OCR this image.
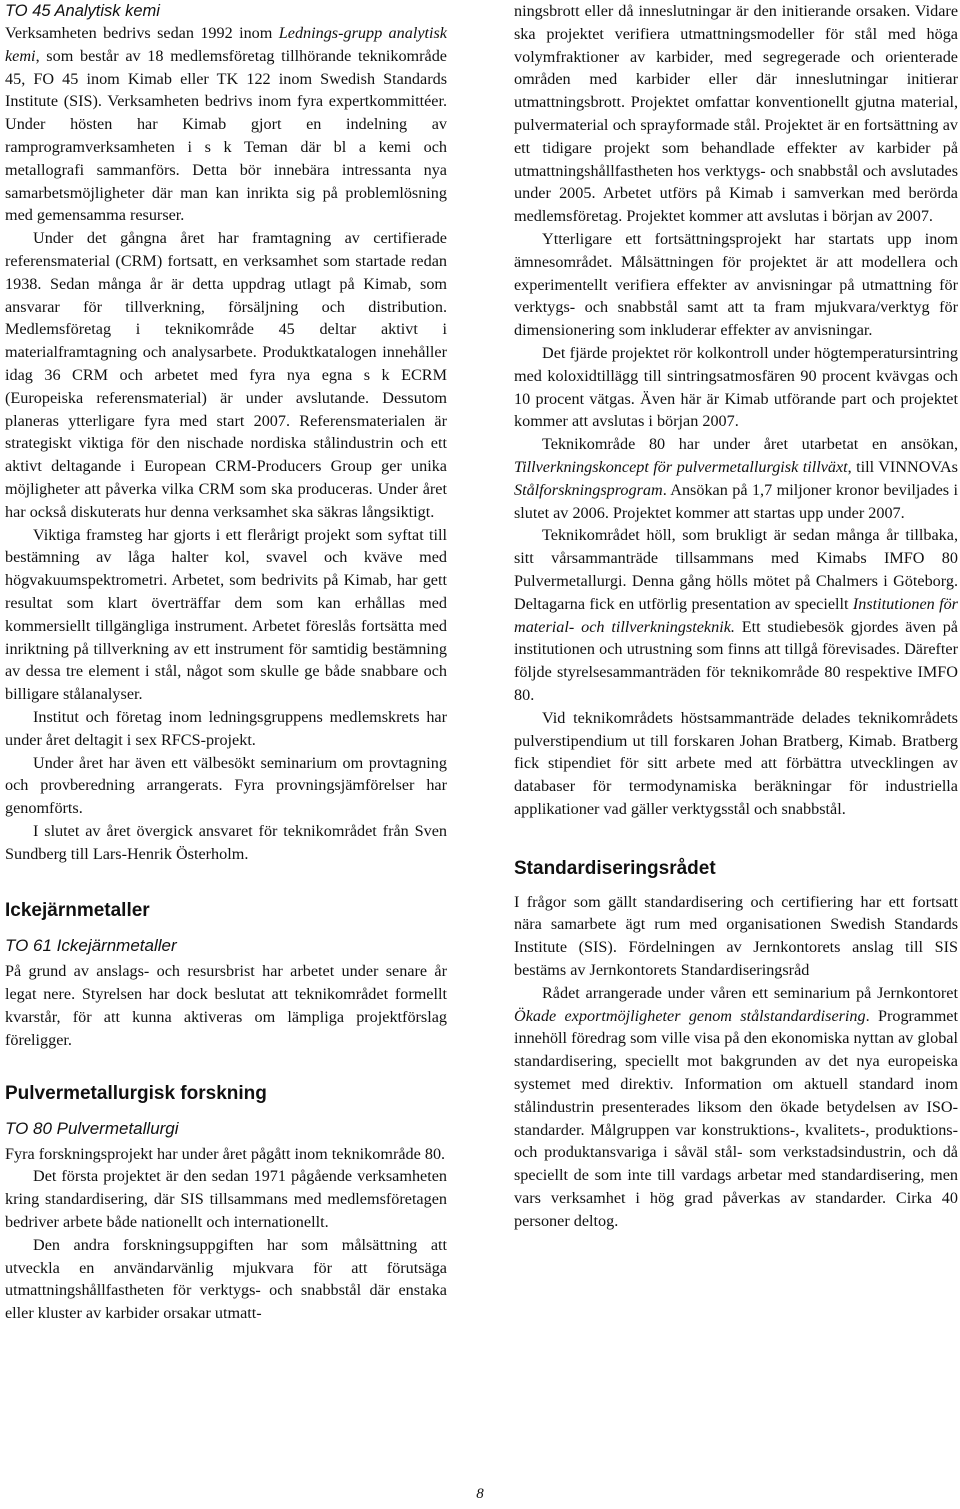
TO 45 Analytisk kemi

Verksamheten bedrivs sedan 1992 inom Lednings-grupp analytisk kemi, som består av 18 medlemsföretag tillhörande teknikområde 45, FO 45 inom Kimab eller TK 122 inom Swedish Standards Institute (SIS). Verksamheten bedrivs inom fyra expertkommittéer. Under hösten har Kimab gjort en indelning av ramprogramverksamheten i s k Teman där bl a kemi och metallografi sammanförs. Detta bör innebära intressanta nya samarbetsmöjligheter där man kan inrikta sig på problemlösning med gemensamma resurser.

Under det gångna året har framtagning av certifierade referensmaterial (CRM) fortsatt, en verksamhet som startade redan 1938. Sedan många år är detta uppdrag utlagt på Kimab, som ansvarar för tillverkning, försäljning och distribution. Medlemsföretag i teknikområde 45 deltar aktivt i materialframtagning och analysarbete. Produktkatalogen innehåller idag 36 CRM och arbetet med fyra nya egna s k ECRM (Europeiska referensmaterial) är under avslutande. Dessutom planeras ytterligare fyra med start 2007. Referensmaterialen är strategiskt viktiga för den nischade nordiska stålindustrin och ett aktivt deltagande i European CRM-Producers Group ger unika möjligheter att påverka vilka CRM som ska produceras. Under året har också diskuterats hur denna verksamhet ska säkras långsiktigt.

Viktiga framsteg har gjorts i ett flerårigt projekt som syftat till bestämning av låga halter kol, svavel och kväve med högvakuumspektrometri. Arbetet, som bedrivits på Kimab, har gett resultat som klart överträffar dem som kan erhållas med kommersiellt tillgängliga instrument. Arbetet föreslås fortsätta med inriktning på tillverkning av ett instrument för samtidig bestämning av dessa tre element i stål, något som skulle ge både snabbare och billigare stålanalyser.

Institut och företag inom ledningsgruppens medlemskrets har under året deltagit i sex RFCS-projekt.

Under året har även ett välbesökt seminarium om provtagning och provberedning arrangerats. Fyra provningsjämförelser har genomförts.

I slutet av året övergick ansvaret för teknikområdet från Sven Sundberg till Lars-Henrik Österholm.

Ickejärnmetaller
TO 61 Ickejärnmetaller

På grund av anslags- och resursbrist har arbetet under senare år legat nere. Styrelsen har dock beslutat att teknikområdet formellt kvarstår, för att kunna aktiveras om lämpliga projektförslag föreligger.

Pulvermetallurgisk forskning
TO 80 Pulvermetallurgi

Fyra forskningsprojekt har under året pågått inom teknikområde 80.

Det första projektet är den sedan 1971 pågående verksamheten kring standardisering, där SIS tillsammans med medlemsföretagen bedriver arbete både nationellt och internationellt.

Den andra forskningsuppgiften har som målsättning att utveckla en användarvänlig mjukvara för att förutsäga utmattningshållfastheten för verktygs- och snabbstål där enstaka eller kluster av karbider orsakar utmatt-

ningsbrott eller då inneslutningar är den initierande orsaken. Vidare ska projektet verifiera utmattningsmodeller för stål med höga volymfraktioner av karbider, med segregerade och orienterade områden med karbider eller där inneslutningar initierar utmattningsbrott. Projektet omfattar konventionellt gjutna material, pulvermaterial och sprayformade stål. Projektet är en fortsättning av ett tidigare projekt som behandlade effekter av karbider på utmattningshållfastheten hos verktygs- och snabbstål och avslutades under 2005. Arbetet utförs på Kimab i samverkan med berörda medlemsföretag. Projektet kommer att avslutas i början av 2007.

Ytterligare ett fortsättningsprojekt har startats upp inom ämnesområdet. Målsättningen för projektet är att modellera och experimentellt verifiera effekter av anvisningar på utmattning för verktygs- och snabbstål samt att ta fram mjukvara/verktyg för dimensionering som inkluderar effekter av anvisningar.

Det fjärde projektet rör kolkontroll under högtemperatursintring med koloxidtillägg till sintringsatmosfären 90 procent kvävgas och 10 procent vätgas. Även här är Kimab utförande part och projektet kommer att avslutas i början 2007.

Teknikområde 80 har under året utarbetat en ansökan, Tillverkningskoncept för pulvermetallurgisk tillväxt, till VINNOVAs Stålforskningsprogram. Ansökan på 1,7 miljoner kronor beviljades i slutet av 2006. Projektet kommer att startas upp under 2007.

Teknikområdet höll, som brukligt är sedan många år tillbaka, sitt vårsammanträde tillsammans med Kimabs IMFO 80 Pulvermetallurgi. Denna gång hölls mötet på Chalmers i Göteborg. Deltagarna fick en utförlig presentation av speciellt Institutionen för material- och tillverkningsteknik. Ett studiebesök gjordes även på institutionen och utrustning som finns att tillgå förevisades. Därefter följde styrelsesammanträden för teknikområde 80 respektive IMFO 80.

Vid teknikområdets höstsammanträde delades teknikområdets pulverstipendium ut till forskaren Johan Bratberg, Kimab. Bratberg fick stipendiet för sitt arbete med att förbättra utvecklingen av databaser för termodynamiska beräkningar för industriella applikationer vad gäller verktygsstål och snabbstål.

Standardiseringsrådet

I frågor som gällt standardisering och certifiering har ett fortsatt nära samarbete ägt rum med organisationen Swedish Standards Institute (SIS). Fördelningen av Jernkontorets anslag till SIS bestäms av Jernkontorets Standardiseringsråd

Rådet arrangerade under våren ett seminarium på Jernkontoret Ökade exportmöjligheter genom stålstandardisering. Programmet innehöll föredrag som ville visa på den ekonomiska nyttan av global standardisering, speciellt mot bakgrunden av det nya europeiska systemet med direktiv. Information om aktuell standard inom stålindustrin presenterades liksom den ökade betydelsen av ISO-standarder. Målgruppen var konstruktions-, kvalitets-, produktions- och produktansvariga i såväl stål- som verkstadsindustrin, och då speciellt de som inte till vardags arbetar med standardisering, men vars verksamhet i hög grad påverkas av standarder. Cirka 40 personer deltog.

8
